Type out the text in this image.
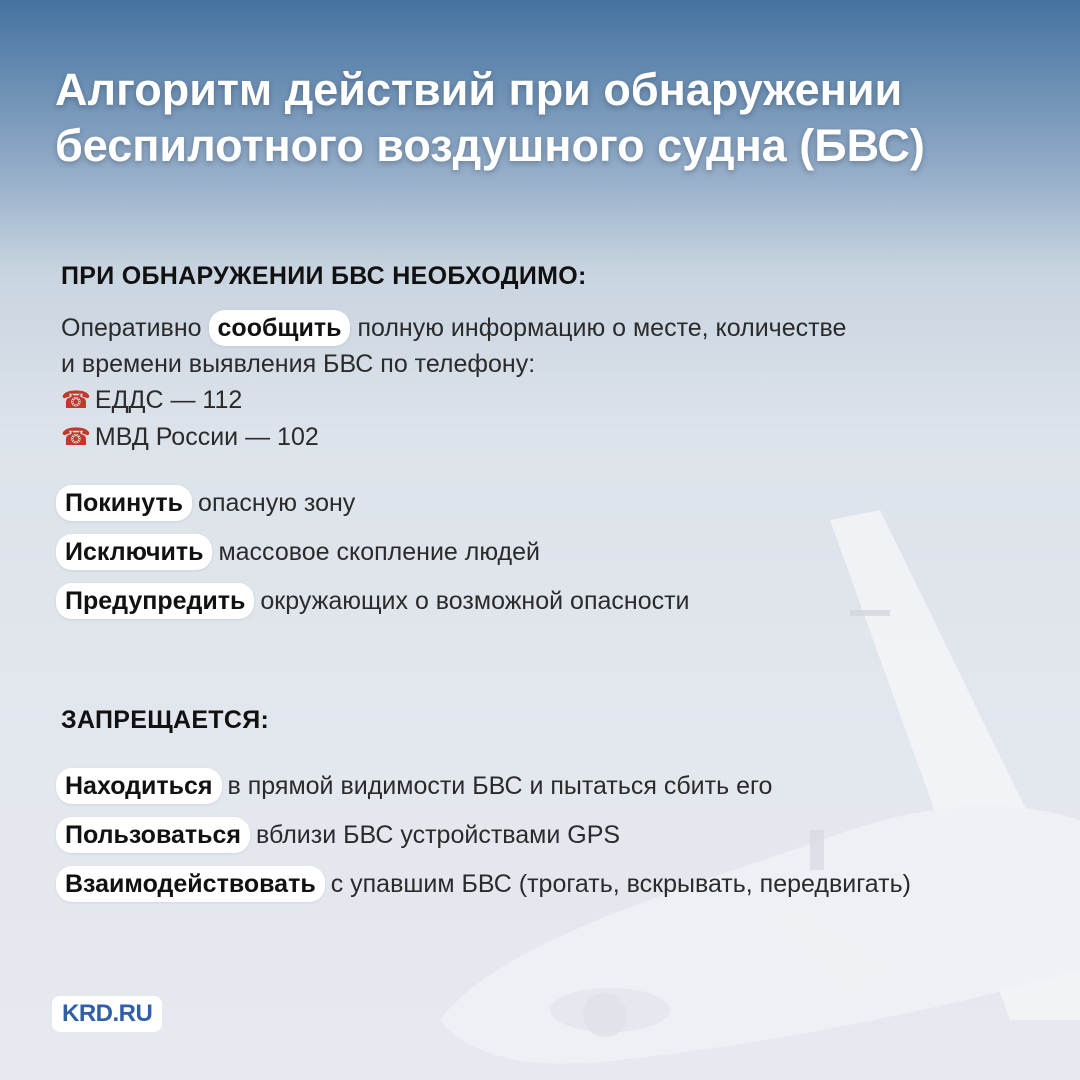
Алгоритм действий при обнаружении
беспилотного воздушного судна (БВС)
ПРИ ОБНАРУЖЕНИИ БВС НЕОБХОДИМО:
Оперативно сообщить полную информацию о месте, количестве
и времени выявления БВС по телефону:
☎ ЕДДС — 112
☎ МВД России — 102
Покинуть опасную зону
Исключить массовое скопление людей
Предупредить окружающих о возможной опасности
ЗАПРЕЩАЕТСЯ:
Находиться в прямой видимости БВС и пытаться сбить его
Пользоваться вблизи БВС устройствами GPS
Взаимодействовать с упавшим БВС (трогать, вскрывать, передвигать)
KRD.RU
